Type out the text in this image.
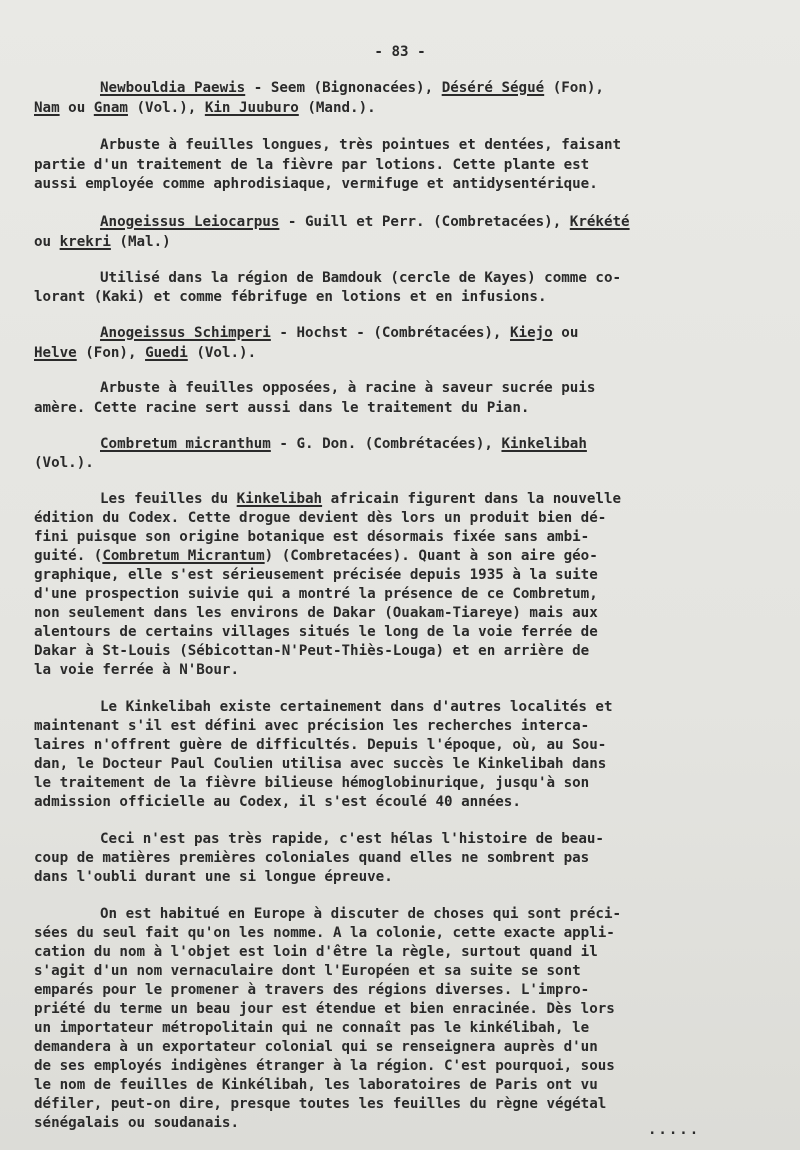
- 83 -
Newbouldia Paewis - Seem (Bignonacées), Déséré Ségué (Fon),
Nam ou Gnam (Vol.), Kin Juuburo (Mand.).
Arbuste à feuilles longues, très pointues et dentées, faisant
partie d'un traitement de la fièvre par lotions. Cette plante est
aussi employée comme aphrodisiaque, vermifuge et antidysentérique.
Anogeissus Leiocarpus - Guill et Perr. (Combretacées), Krékété
ou krekri (Mal.)
Utilisé dans la région de Bamdouk (cercle de Kayes) comme co-
lorant (Kaki) et comme fébrifuge en lotions et en infusions.
Anogeissus Schimperi - Hochst - (Combrétacées), Kiejo ou
Helve (Fon), Guedi (Vol.).
Arbuste à feuilles opposées, à racine à saveur sucrée puis
amère. Cette racine sert aussi dans le traitement du Pian.
Combretum micranthum - G. Don. (Combrétacées), Kinkelibah
(Vol.).
Les feuilles du Kinkelibah africain figurent dans la nouvelle
édition du Codex. Cette drogue devient dès lors un produit bien dé-
fini puisque son origine botanique est désormais fixée sans ambi-
guité. (Combretum Micrantum) (Combretacées). Quant à son aire géo-
graphique, elle s'est sérieusement précisée depuis 1935 à la suite
d'une prospection suivie qui a montré la présence de ce Combretum,
non seulement dans les environs de Dakar (Ouakam-Tiareye) mais aux
alentours de certains villages situés le long de la voie ferrée de
Dakar à St-Louis (Sébicottan-N'Peut-Thiès-Louga) et en arrière de
la voie ferrée à N'Bour.
Le Kinkelibah existe certainement dans d'autres localités et
maintenant s'il est défini avec précision les recherches interca-
laires n'offrent guère de difficultés. Depuis l'époque, où, au Sou-
dan, le Docteur Paul Coulien utilisa avec succès le Kinkelibah dans
le traitement de la fièvre bilieuse hémoglobinurique, jusqu'à son
admission officielle au Codex, il s'est écoulé 40 années.
Ceci n'est pas très rapide, c'est hélas l'histoire de beau-
coup de matières premières coloniales quand elles ne sombrent pas
dans l'oubli durant une si longue épreuve.
On est habitué en Europe à discuter de choses qui sont préci-
sées du seul fait qu'on les nomme. A la colonie, cette exacte appli-
cation du nom à l'objet est loin d'être la règle, surtout quand il
s'agit d'un nom vernaculaire dont l'Européen et sa suite se sont
emparés pour le promener à travers des régions diverses. L'impro-
priété du terme un beau jour est étendue et bien enracinée. Dès lors
un importateur métropolitain qui ne connaît pas le kinkélibah, le
demandera à un exportateur colonial qui se renseignera auprès d'un
de ses employés indigènes étranger à la région. C'est pourquoi, sous
le nom de feuilles de Kinkélibah, les laboratoires de Paris ont vu
défiler, peut-on dire, presque toutes les feuilles du règne végétal
sénégalais ou soudanais.	.....
